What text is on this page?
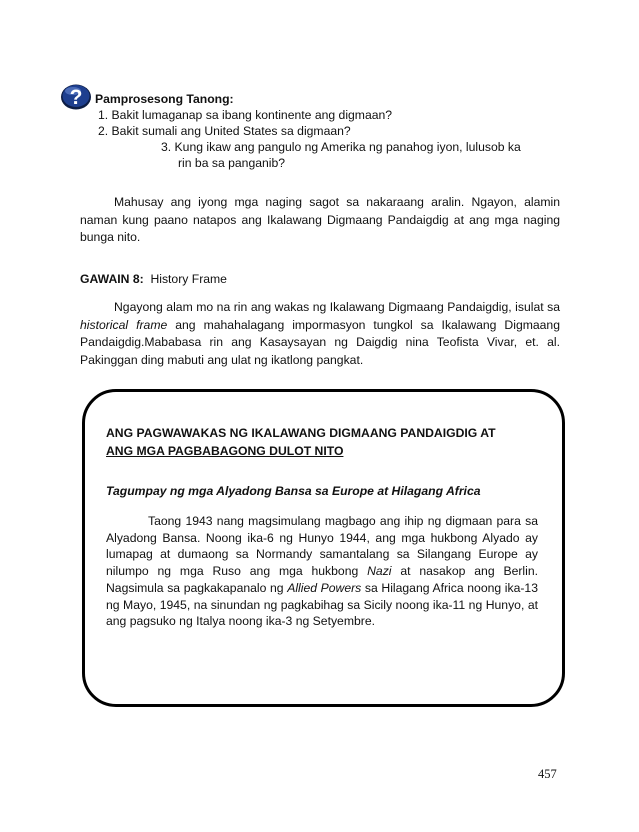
? Pamprosesong Tanong:
1. Bakit lumaganap sa ibang kontinente ang digmaan?
2. Bakit sumali ang United States sa digmaan?
3. Kung ikaw ang pangulo ng Amerika ng panahog iyon, lulusob ka
rin ba sa panganib?

Mahusay ang iyong mga naging sagot sa nakaraang aralin. Ngayon, alamin naman kung paano natapos ang Ikalawang Digmaang Pandaigdig at ang mga naging bunga nito.

GAWAIN 8: History Frame

Ngayong alam mo na rin ang wakas ng Ikalawang Digmaang Pandaigdig, isulat sa historical frame ang mahahalagang impormasyon tungkol sa Ikalawang Digmaang Pandaigdig.Mababasa rin ang Kasaysayan ng Daigdig nina Teofista Vivar, et. al. Pakinggan ding mabuti ang ulat ng ikatlong pangkat.

ANG PAGWAWAKAS NG IKALAWANG DIGMAANG PANDAIGDIG AT
ANG MGA PAGBABAGONG DULOT NITO
Tagumpay ng mga Alyadong Bansa sa Europe at Hilagang Africa

Taong 1943 nang magsimulang magbago ang ihip ng digmaan para sa Alyadong Bansa. Noong ika-6 ng Hunyo 1944, ang mga hukbong Alyado ay lumapag at dumaong sa Normandy samantalang sa Silangang Europe ay nilumpo ng mga Ruso ang mga hukbong Nazi at nasakop ang Berlin. Nagsimula sa pagkakapanalo ng Allied Powers sa Hilagang Africa noong ika-13 ng Mayo, 1945, na sinundan ng pagkabihag sa Sicily noong ika-11 ng Hunyo, at ang pagsuko ng Italya noong ika-3 ng Setyembre.

457
